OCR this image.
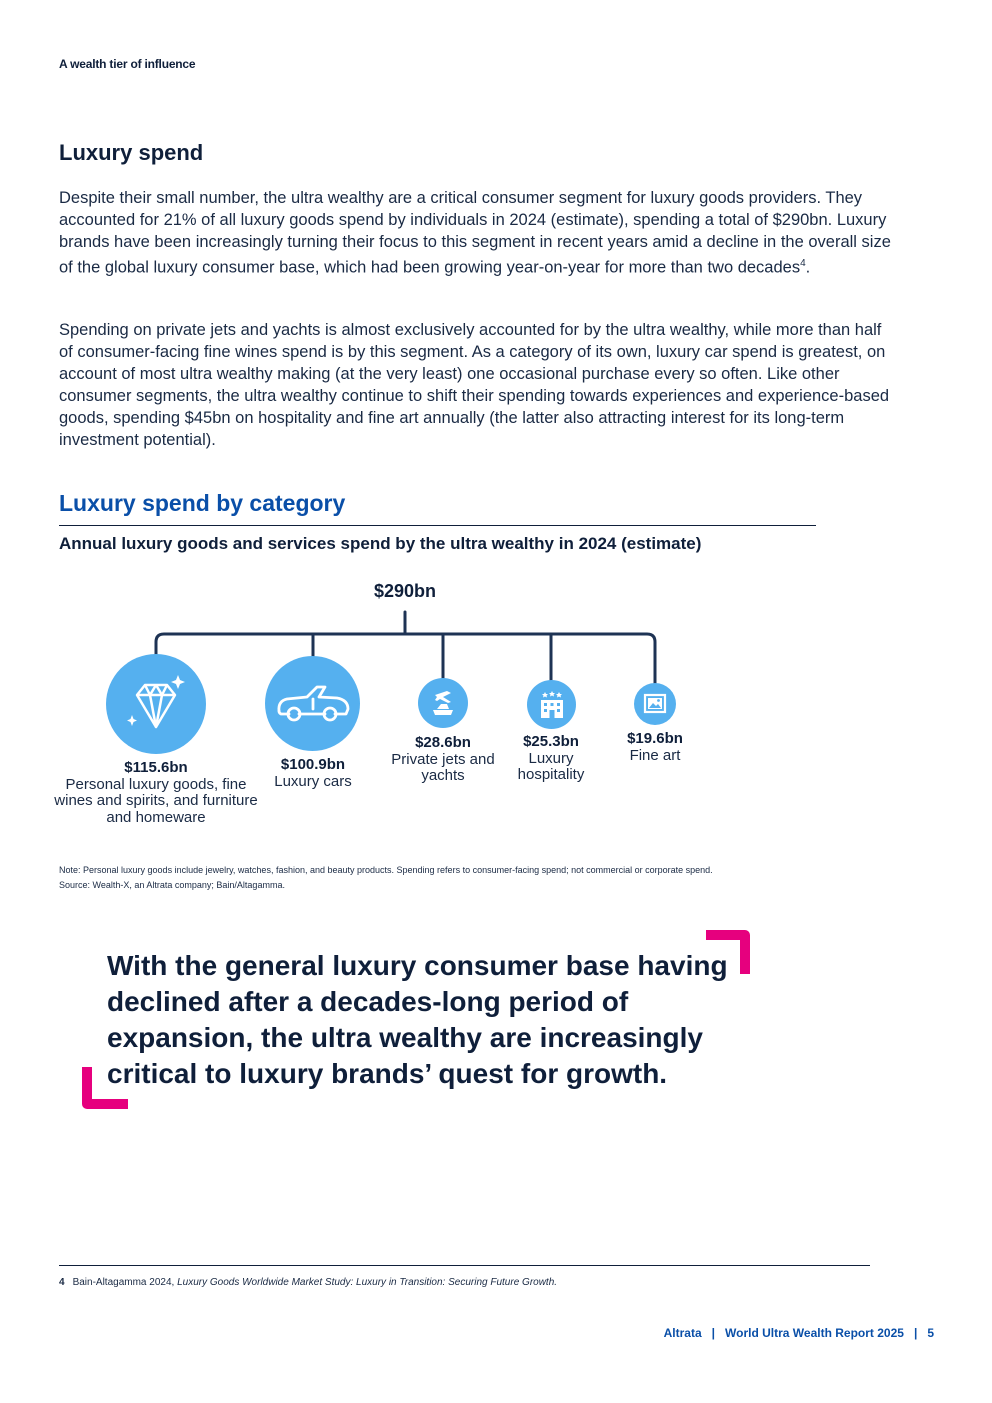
A wealth tier of influence
Luxury spend
Despite their small number, the ultra wealthy are a critical consumer segment for luxury goods providers. They accounted for 21% of all luxury goods spend by individuals in 2024 (estimate), spending a total of $290bn. Luxury brands have been increasingly turning their focus to this segment in recent years amid a decline in the overall size of the global luxury consumer base, which had been growing year-on-year for more than two decades$^4$.
Spending on private jets and yachts is almost exclusively accounted for by the ultra wealthy, while more than half of consumer-facing fine wines spend is by this segment. As a category of its own, luxury car spend is greatest, on account of most ultra wealthy making (at the very least) one occasional purchase every so often. Like other consumer segments, the ultra wealthy continue to shift their spending towards experiences and experience-based goods, spending $45bn on hospitality and fine art annually (the latter also attracting interest for its long-term investment potential).
Luxury spend by category
Annual luxury goods and services spend by the ultra wealthy in 2024 (estimate)
$290bn
$115.6bn
Personal luxury goods, fine wines and spirits, and furniture and homeware
$100.9bn
Luxury cars
$28.6bn
Private jets and yachts
$25.3bn
Luxury hospitality
$19.6bn
Fine art
Note: Personal luxury goods include jewelry, watches, fashion, and beauty products. Spending refers to consumer-facing spend; not commercial or corporate spend.
Source: Wealth-X, an Altrata company; Bain/Altagamma.
With the general luxury consumer base having declined after a decades-long period of expansion, the ultra wealthy are increasingly critical to luxury brands’ quest for growth.
4 Bain-Altagamma 2024, Luxury Goods Worldwide Market Study: Luxury in Transition: Securing Future Growth.
Altrata | World Ultra Wealth Report 2025 | 5
